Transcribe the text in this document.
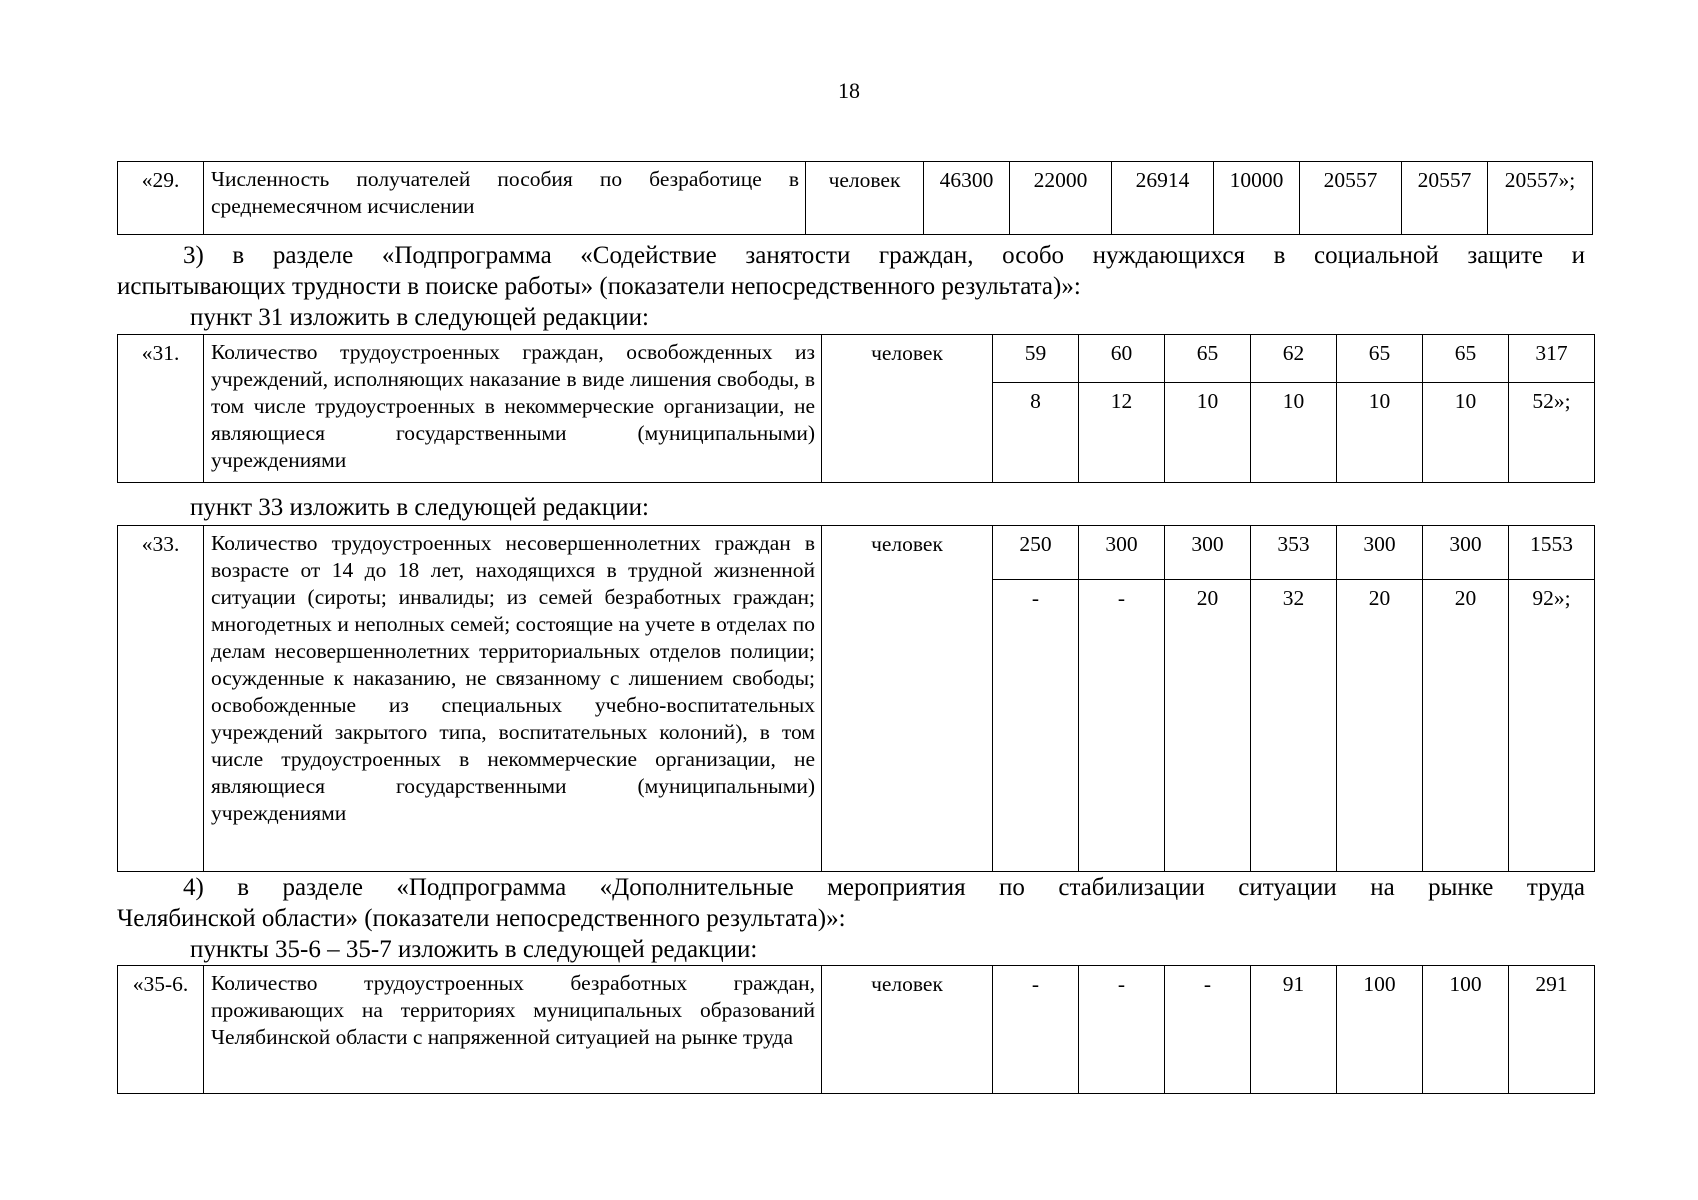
18
«29.	Численность получателей пособия по безработице в среднемесячном исчислении	человек	46300	22000	26914	10000	20557	20557	20557»;
3) в разделе «Подпрограмма «Содействие занятости граждан, особо нуждающихся в социальной защите и
испытывающих трудности в поиске работы» (показатели непосредственного результата)»:
пункт 31 изложить в следующей редакции:
«31.	Количество трудоустроенных граждан, освобожденных из учреждений, исполняющих наказание в виде лишения свободы, в том числе трудоустроенных в некоммерческие организации, не являющиеся государственными (муниципальными) учреждениями	человек	59	60	65	62	65	65	317
			8	12	10	10	10	10	52»;
пункт 33 изложить в следующей редакции:
«33.	Количество трудоустроенных несовершеннолетних граждан в возрасте от 14 до 18 лет, находящихся в трудной жизненной ситуации (сироты; инвалиды; из семей безработных граждан; многодетных и неполных семей; состоящие на учете в отделах по делам несовершеннолетних территориальных отделов полиции; осужденные к наказанию, не связанному с лишением свободы; освобожденные из специальных учебно-воспитательных учреждений закрытого типа, воспитательных колоний), в том числе трудоустроенных в некоммерческие организации, не являющиеся государственными (муниципальными) учреждениями	человек	250	300	300	353	300	300	1553
			-	-	20	32	20	20	92»;
4) в разделе «Подпрограмма «Дополнительные мероприятия по стабилизации ситуации на рынке труда
Челябинской области» (показатели непосредственного результата)»:
пункты 35-6 – 35-7 изложить в следующей редакции:
«35-6.	Количество трудоустроенных безработных граждан, проживающих на территориях муниципальных образований Челябинской области с напряженной ситуацией на рынке труда	человек	-	-	-	91	100	100	291
